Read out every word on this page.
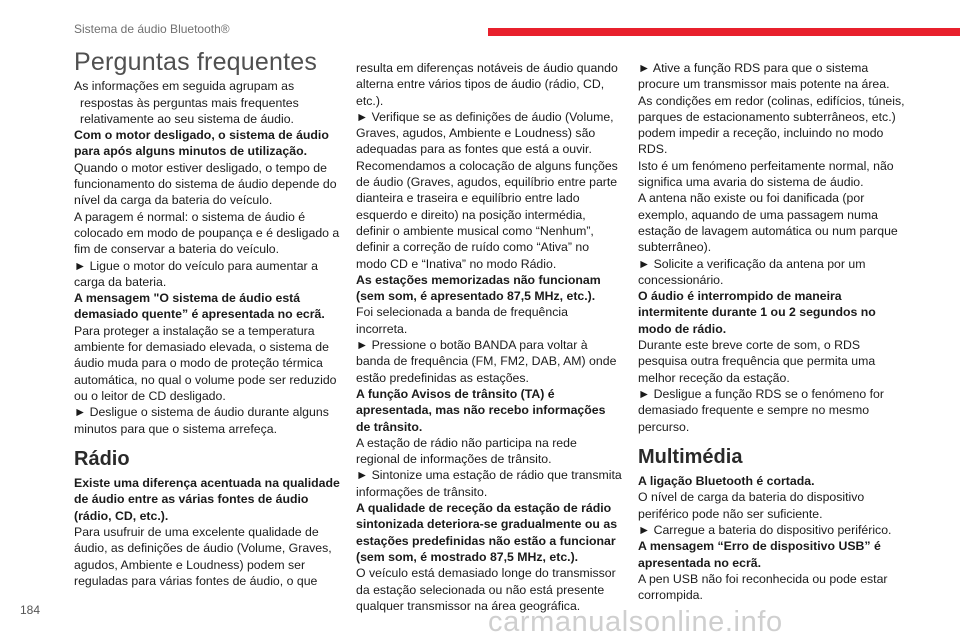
Sistema de áudio Bluetooth®
Perguntas frequentes

As informações em seguida agrupam as respostas às perguntas mais frequentes relativamente ao seu sistema de áudio.

Com o motor desligado, o sistema de áudio para após alguns minutos de utilização.

Quando o motor estiver desligado, o tempo de funcionamento do sistema de áudio depende do nível da carga da bateria do veículo.

A paragem é normal: o sistema de áudio é colocado em modo de poupança e é desligado a fim de conservar a bateria do veículo.

► Ligue o motor do veículo para aumentar a carga da bateria.

A mensagem "O sistema de áudio está demasiado quente” é apresentada no ecrã.

Para proteger a instalação se a temperatura ambiente for demasiado elevada, o sistema de áudio muda para o modo de proteção térmica automática, no qual o volume pode ser reduzido ou o leitor de CD desligado.

► Desligue o sistema de áudio durante alguns minutos para que o sistema arrefeça.

Rádio

Existe uma diferença acentuada na qualidade de áudio entre as várias fontes de áudio (rádio, CD, etc.).

Para usufruir de uma excelente qualidade de áudio, as definições de áudio (Volume, Graves, agudos, Ambiente e Loudness) podem ser reguladas para várias fontes de áudio, o que

resulta em diferenças notáveis de áudio quando alterna entre vários tipos de áudio (rádio, CD, etc.).

► Verifique se as definições de áudio (Volume, Graves, agudos, Ambiente e Loudness) são adequadas para as fontes que está a ouvir. Recomendamos a colocação de alguns funções de áudio (Graves, agudos, equilíbrio entre parte dianteira e traseira e equilíbrio entre lado esquerdo e direito) na posição intermédia, definir o ambiente musical como “Nenhum”, definir a correção de ruído como “Ativa” no modo CD e “Inativa” no modo Rádio.

As estações memorizadas não funcionam (sem som, é apresentado 87,5 MHz, etc.).

Foi selecionada a banda de frequência incorreta.

► Pressione o botão BANDA para voltar à banda de frequência (FM, FM2, DAB, AM) onde estão predefinidas as estações.

A função Avisos de trânsito (TA) é apresentada, mas não recebo informações de trânsito.

A estação de rádio não participa na rede regional de informações de trânsito.

► Sintonize uma estação de rádio que transmita informações de trânsito.

A qualidade de receção da estação de rádio sintonizada deteriora-se gradualmente ou as estações predefinidas não estão a funcionar (sem som, é mostrado 87,5 MHz, etc.).

O veículo está demasiado longe do transmissor da estação selecionada ou não está presente qualquer transmissor na área geográfica.

► Ative a função RDS para que o sistema procure um transmissor mais potente na área. As condições em redor (colinas, edifícios, túneis, parques de estacionamento subterrâneos, etc.) podem impedir a receção, incluindo no modo RDS.

Isto é um fenómeno perfeitamente normal, não significa uma avaria do sistema de áudio.

A antena não existe ou foi danificada (por exemplo, aquando de uma passagem numa estação de lavagem automática ou num parque subterrâneo).

► Solicite a verificação da antena por um concessionário.

O áudio é interrompido de maneira intermitente durante 1 ou 2 segundos no modo de rádio.

Durante este breve corte de som, o RDS pesquisa outra frequência que permita uma melhor receção da estação.

► Desligue a função RDS se o fenómeno for demasiado frequente e sempre no mesmo percurso.

Multimédia

A ligação Bluetooth é cortada.

O nível de carga da bateria do dispositivo periférico pode não ser suficiente.

► Carregue a bateria do dispositivo periférico.

A mensagem “Erro de dispositivo USB” é apresentada no ecrã.

A pen USB não foi reconhecida ou pode estar corrompida.

184	carmanualsonline.info
